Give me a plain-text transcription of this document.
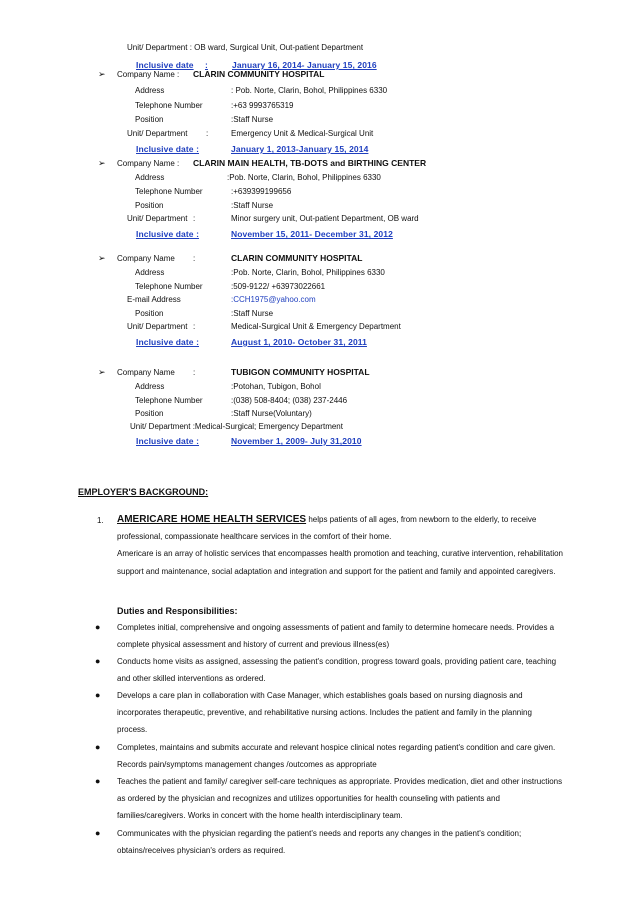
Unit/ Department : OB ward, Surgical Unit, Out-patient Department
Inclusive date :	January 16, 2014- January 15, 2016
➢ Company Name : CLARIN COMMUNITY HOSPITAL
Address	: Pob. Norte, Clarin, Bohol, Philippines 6330
Telephone Number	:+63 9993765319
Position	:Staff Nurse
Unit/ Department :	Emergency Unit & Medical-Surgical Unit
Inclusive date :	January 1, 2013-January 15, 2014
➢ Company Name : CLARIN MAIN HEALTH, TB-DOTS and BIRTHING CENTER
Address	:Pob. Norte, Clarin, Bohol, Philippines 6330
Telephone Number	:+639399199656
Position	:Staff Nurse
Unit/ Department :	Minor surgery unit, Out-patient Department, OB ward
Inclusive date :	November 15, 2011- December 31, 2012
➢ Company Name :	CLARIN COMMUNITY HOSPITAL
Address	:Pob. Norte, Clarin, Bohol, Philippines 6330
Telephone Number	:509-9122/ +63973022661
E-mail Address	:CCH1975@yahoo.com
Position	:Staff Nurse
Unit/ Department :	Medical-Surgical Unit & Emergency Department
Inclusive date :	August 1, 2010- October 31, 2011
➢ Company Name :	TUBIGON COMMUNITY HOSPITAL
Address	:Potohan, Tubigon, Bohol
Telephone Number	:(038) 508-8404; (038) 237-2446
Position	:Staff Nurse(Voluntary)
Unit/ Department :Medical-Surgical; Emergency Department
Inclusive date :	November 1, 2009- July 31,2010
EMPLOYER'S BACKGROUND:
1. AMERICARE HOME HEALTH SERVICES helps patients of all ages, from newborn to the elderly, to receive
professional, compassionate healthcare services in the comfort of their home.
Americare is an array of holistic services that encompasses health promotion and teaching, curative intervention, rehabilitation
support and maintenance, social adaptation and integration and support for the patient and family and appointed caregivers.
Duties and Responsibilities:
● Completes initial, comprehensive and ongoing assessments of patient and family to determine homecare needs. Provides a
complete physical assessment and history of current and previous illness(es)
● Conducts home visits as assigned, assessing the patient's condition, progress toward goals, providing patient care, teaching
and other skilled interventions as ordered.
● Develops a care plan in collaboration with Case Manager, which establishes goals based on nursing diagnosis and
incorporates therapeutic, preventive, and rehabilitative nursing actions. Includes the patient and family in the planning
process.
● Completes, maintains and submits accurate and relevant hospice clinical notes regarding patient's condition and care given.
Records pain/symptoms management changes /outcomes as appropriate
● Teaches the patient and family/ caregiver self-care techniques as appropriate. Provides medication, diet and other instructions
as ordered by the physician and recognizes and utilizes opportunities for health counseling with patients and
families/caregivers. Works in concert with the home health interdisciplinary team.
● Communicates with the physician regarding the patient's needs and reports any changes in the patient's condition;
obtains/receives physician's orders as required.
